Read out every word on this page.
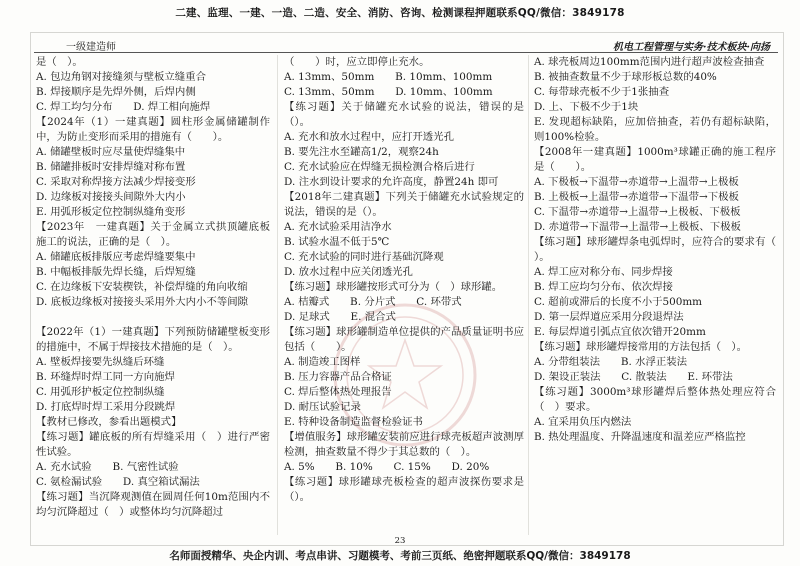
二建、监理、一建、一造、二造、安全、消防、咨询、检测课程押题联系QQ/微信：3849178
一级建造师	机电工程管理与实务·技术板块·向扬

是（　）。

A. 包边角钢对接缝须与壁板立缝重合

B. 焊接顺序是先焊外侧，后焊内侧

C. 焊工均匀分布　　D. 焊工相向施焊

【2024年（1）一建真题】圆柱形金属储罐制作中，为防止变形而采用的措施有（　　）。

A. 储罐壁板时应尽量使焊缝集中

B. 储罐排板时安排焊缝对称布置

C. 采取对称焊接方法减少焊接变形

D. 边缘板对接接头间隙外大内小

E. 用弧形板定位控制纵缝角变形

【2023年　一建真题】关于金属立式拱顶罐底板施工的说法，正确的是（　）。

A. 储罐底板排版应考虑焊缝要集中

B. 中幅板排版先焊长缝，后焊短缝

C. 在边缘板下安装楔铁，补偿焊缝的角向收缩

D. 底板边缘板对接接头采用外大内小不等间隙

【2022年（1）一建真题】下列预防储罐壁板变形的措施中，不属于焊接技术措施的是（　）。

A. 壁板焊接要先纵缝后环缝

B. 环缝焊时焊工同一方向施焊

C. 用弧形护板定位控制纵缝

D. 打底焊时焊工采用分段跳焊

【教材已修改，参看出题模式】

【练习题】罐底板的所有焊缝采用（　）进行严密性试验。

A. 充水试验　　B. 气密性试验

C. 氨检漏试验　　D. 真空箱试漏法

【练习题】当沉降观测值在圆周任何10m范围内不均匀沉降超过（　）或整体均匀沉降超过

（　　）时，应立即停止充水。

A. 13mm、50mm　　B. 10mm、100mm

C. 13mm、50mm　　D. 10mm、100mm

【练习题】关于储罐充水试验的说法，错误的是（）。

A. 充水和放水过程中，应打开透光孔

B. 要先注水至罐高1/2，观察24h

C. 充水试验应在焊缝无损检测合格后进行

D. 注水到设计要求的允许高度，静置24h 即可

【2018年二建真题】下列关于储罐充水试验规定的说法，错误的是（）。

A. 充水试验采用洁净水

B. 试验水温不低于5℃

C. 充水试验的同时进行基础沉降观

D. 放水过程中应关闭透光孔

【练习题】球形罐按形式可分为（　）球形罐。

A. 桔瓣式　　B. 分片式　　C. 环带式

D. 足球式　　E. 混合式

【练习题】球形罐制造单位提供的产品质量证明书应包括（　　）。

A. 制造竣工图样

B. 压力容器产品合格证

C. 焊后整体热处理报告

D. 耐压试验记录

E. 特种设备制造监督检验证书

【增值服务】球形罐安装前应进行球壳板超声波测厚检测，抽查数量不得少于其总数的（　）。

A. 5%　　B. 10%　　C. 15%　　D. 20%

【练习题】球形罐球壳板检查的超声波探伤要求是（）。

A. 球壳板周边100mm范围内进行超声波检查抽查

B. 被抽查数量不少于球形板总数的40%

C. 每带球壳板不少于1张抽查

D. 上、下极不少于1块

E. 发现超标缺陷，应加倍抽查，若仍有超标缺陷，则100%检验。

【2008年一建真题】1000m³球罐正确的施工程序是（　　）。

A. 下极板→下温带→赤道带→上温带→上极板

B. 上极板→上温带→赤道带→下温带→下极板

C. 下温带→赤道带→上温带→上极板、下极板

D. 赤道带→下温带→上温带→上极板、下极板

【练习题】球形罐焊条电弧焊时，应符合的要求有（　　）。

A. 焊工应对称分布、同步焊接

B. 焊工应均匀分布、依次焊接

C. 超前或滞后的长度不小于500mm

D. 第一层焊道应采用分段退焊法

E. 每层焊道引弧点宜依次错开20mm

【练习题】球形罐焊接常用的方法包括（　）。

A. 分带组装法　　B. 水浮正装法

D. 架设正装法　　C. 散装法　　E. 环带法

【练习题】3000m³球形罐焊后整体热处理应符合（　）要求。

A. 宜采用负压内燃法

B. 热处理温度、升降温速度和温差应严格监控

23
名师面授精华、央企内训、考点串讲、习题模考、考前三页纸、绝密押题联系QQ/微信：3849178
